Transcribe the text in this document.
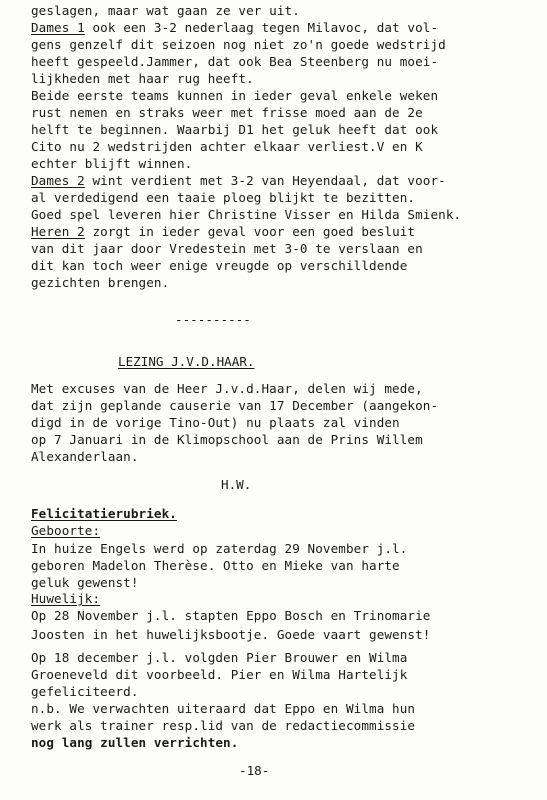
geslagen, maar wat gaan ze ver uit.
Dames 1 ook een 3-2 nederlaag tegen Milavoc, dat vol-
gens genzelf dit seizoen nog niet zo'n goede wedstrijd
heeft gespeeld.Jammer, dat ook Bea Steenberg nu moei-
lijkheden met haar rug heeft.
Beide eerste teams kunnen in ieder geval enkele weken
rust nemen en straks weer met frisse moed aan de 2e
helft te beginnen. Waarbij D1 het geluk heeft dat ook
Cito nu 2 wedstrijden achter elkaar verliest.V en K
echter blijft winnen.
Dames 2 wint verdient met 3-2 van Heyendaal, dat voor-
al verdedigend een taaie ploeg blijkt te bezitten.
Goed spel leveren hier Christine Visser en Hilda Smienk.
Heren 2 zorgt in ieder geval voor een goed besluit
van dit jaar door Vredestein met 3-0 te verslaan en
dit kan toch weer enige vreugde op verschilldende
gezichten brengen.
----------
LEZING J.V.D.HAAR.
Met excuses van de Heer J.v.d.Haar, delen wij mede,
dat zijn geplande causerie van 17 December (aangekon-
digd in de vorige Tino-Out) nu plaats zal vinden
op 7 Januari in de Klimopschool aan de Prins Willem
Alexanderlaan.
H.W.
Felicitatierubriek.
Geboorte:
In huize Engels werd op zaterdag 29 November j.l.
geboren Madelon Therèse. Otto en Mieke van harte
geluk gewenst!
Huwelijk:
Op 28 November j.l. stapten Eppo Bosch en Trinomarie
Joosten in het huwelijksbootje. Goede vaart gewenst!
Op 18 december j.l. volgden Pier Brouwer en Wilma
Groeneveld dit voorbeeld. Pier en Wilma Hartelijk
gefeliciteerd.
n.b. We verwachten uiteraard dat Eppo en Wilma hun
werk als trainer resp.lid van de redactiecommissie
nog lang zullen verrichten.
-18-
